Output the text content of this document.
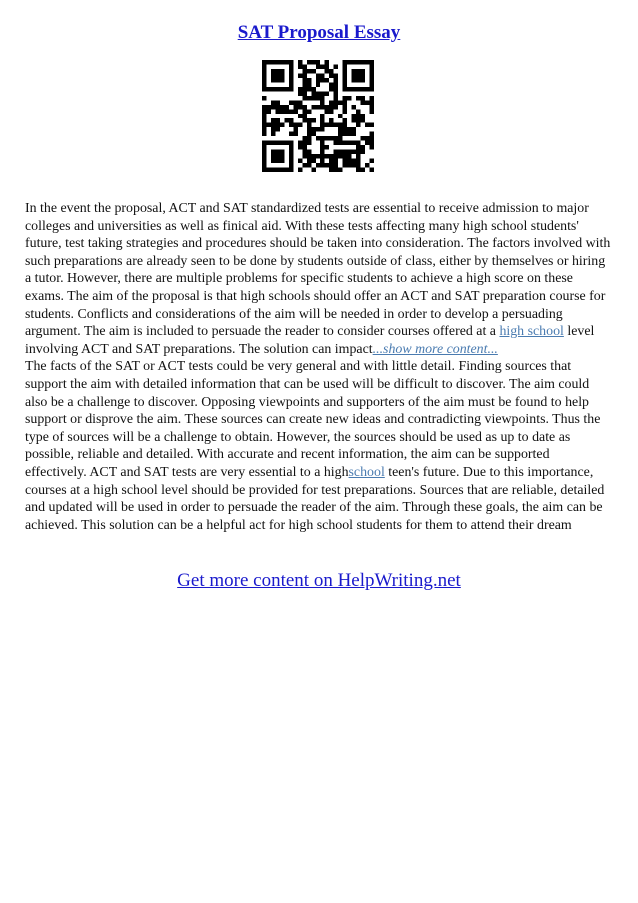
SAT Proposal Essay

In the event the proposal, ACT and SAT standardized tests are essential to receive admission to major colleges and universities as well as finical aid. With these tests affecting many high school students' future, test taking strategies and procedures should be taken into consideration. The factors involved with such preparations are already seen to be done by students outside of class, either by themselves or hiring a tutor. However, there are multiple problems for specific students to achieve a high score on these exams. The aim of the proposal is that high schools should offer an ACT and SAT preparation course for students. Conflicts and considerations of the aim will be needed in order to develop a persuading argument. The aim is included to persuade the reader to consider courses offered at a high school level involving ACT and SAT preparations. The solution can impact...show more content...

The facts of the SAT or ACT tests could be very general and with little detail. Finding sources that support the aim with detailed information that can be used will be difficult to discover. The aim could also be a challenge to discover. Opposing viewpoints and supporters of the aim must be found to help support or disprove the aim. These sources can create new ideas and contradicting viewpoints. Thus the type of sources will be a challenge to obtain. However, the sources should be used as up to date as possible, reliable and detailed. With accurate and recent information, the aim can be supported effectively. ACT and SAT tests are very essential to a highschool teen's future. Due to this importance, courses at a high school level should be provided for test preparations. Sources that are reliable, detailed and updated will be used in order to persuade the reader of the aim. Through these goals, the aim can be achieved. This solution can be a helpful act for high school students for them to attend their dream

Get more content on HelpWriting.net
